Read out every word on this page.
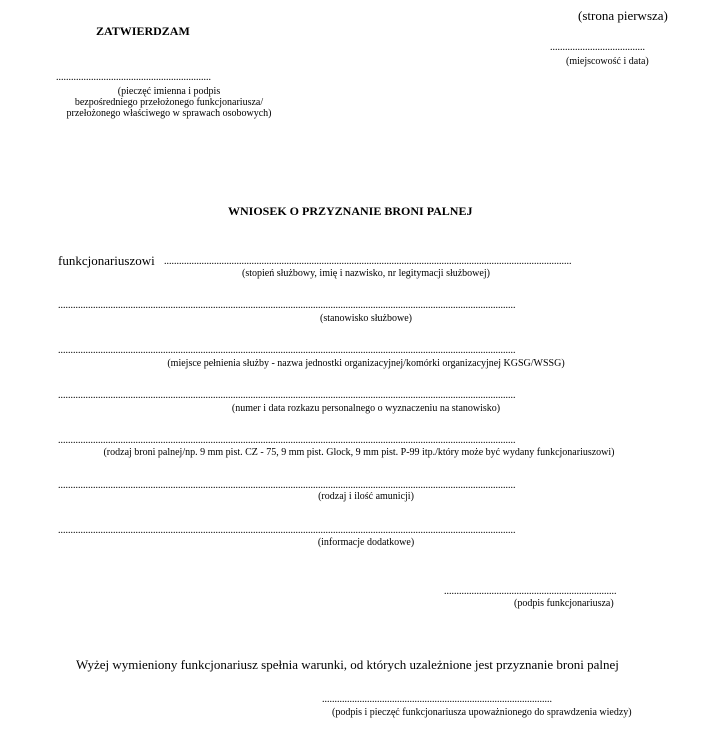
(strona pierwsza)
ZATWIERDZAM
......................................
(miejscowość i data)
..............................................................
(pieczęć imienna i podpis
bezpośredniego przełożonego funkcjonariusza/
przełożonego właściwego w sprawach osobowych)
WNIOSEK O PRZYZNANIE BRONI PALNEJ
funkcjonariuszowi ...................................................................................................................................................................
(stopień służbowy, imię i nazwisko, nr legitymacji służbowej)
.......................................................................................................................................................................................
(stanowisko służbowe)
.......................................................................................................................................................................................
(miejsce pełnienia służby - nazwa jednostki organizacyjnej/komórki organizacyjnej KGSG/WSSG)
.......................................................................................................................................................................................
(numer i data rozkazu personalnego o wyznaczeniu na stanowisko)
.......................................................................................................................................................................................
(rodzaj broni palnej/np. 9 mm pist. CZ - 75, 9 mm pist. Glock, 9 mm pist. P-99 itp./który może być wydany funkcjonariuszowi)
.......................................................................................................................................................................................
(rodzaj i ilość amunicji)
.......................................................................................................................................................................................
(informacje dodatkowe)
.....................................................................
(podpis funkcjonariusza)
Wyżej wymieniony funkcjonariusz spełnia warunki, od których uzależnione jest przyznanie broni palnej
............................................................................................
(podpis i pieczęć funkcjonariusza upoważnionego do sprawdzenia wiedzy)
